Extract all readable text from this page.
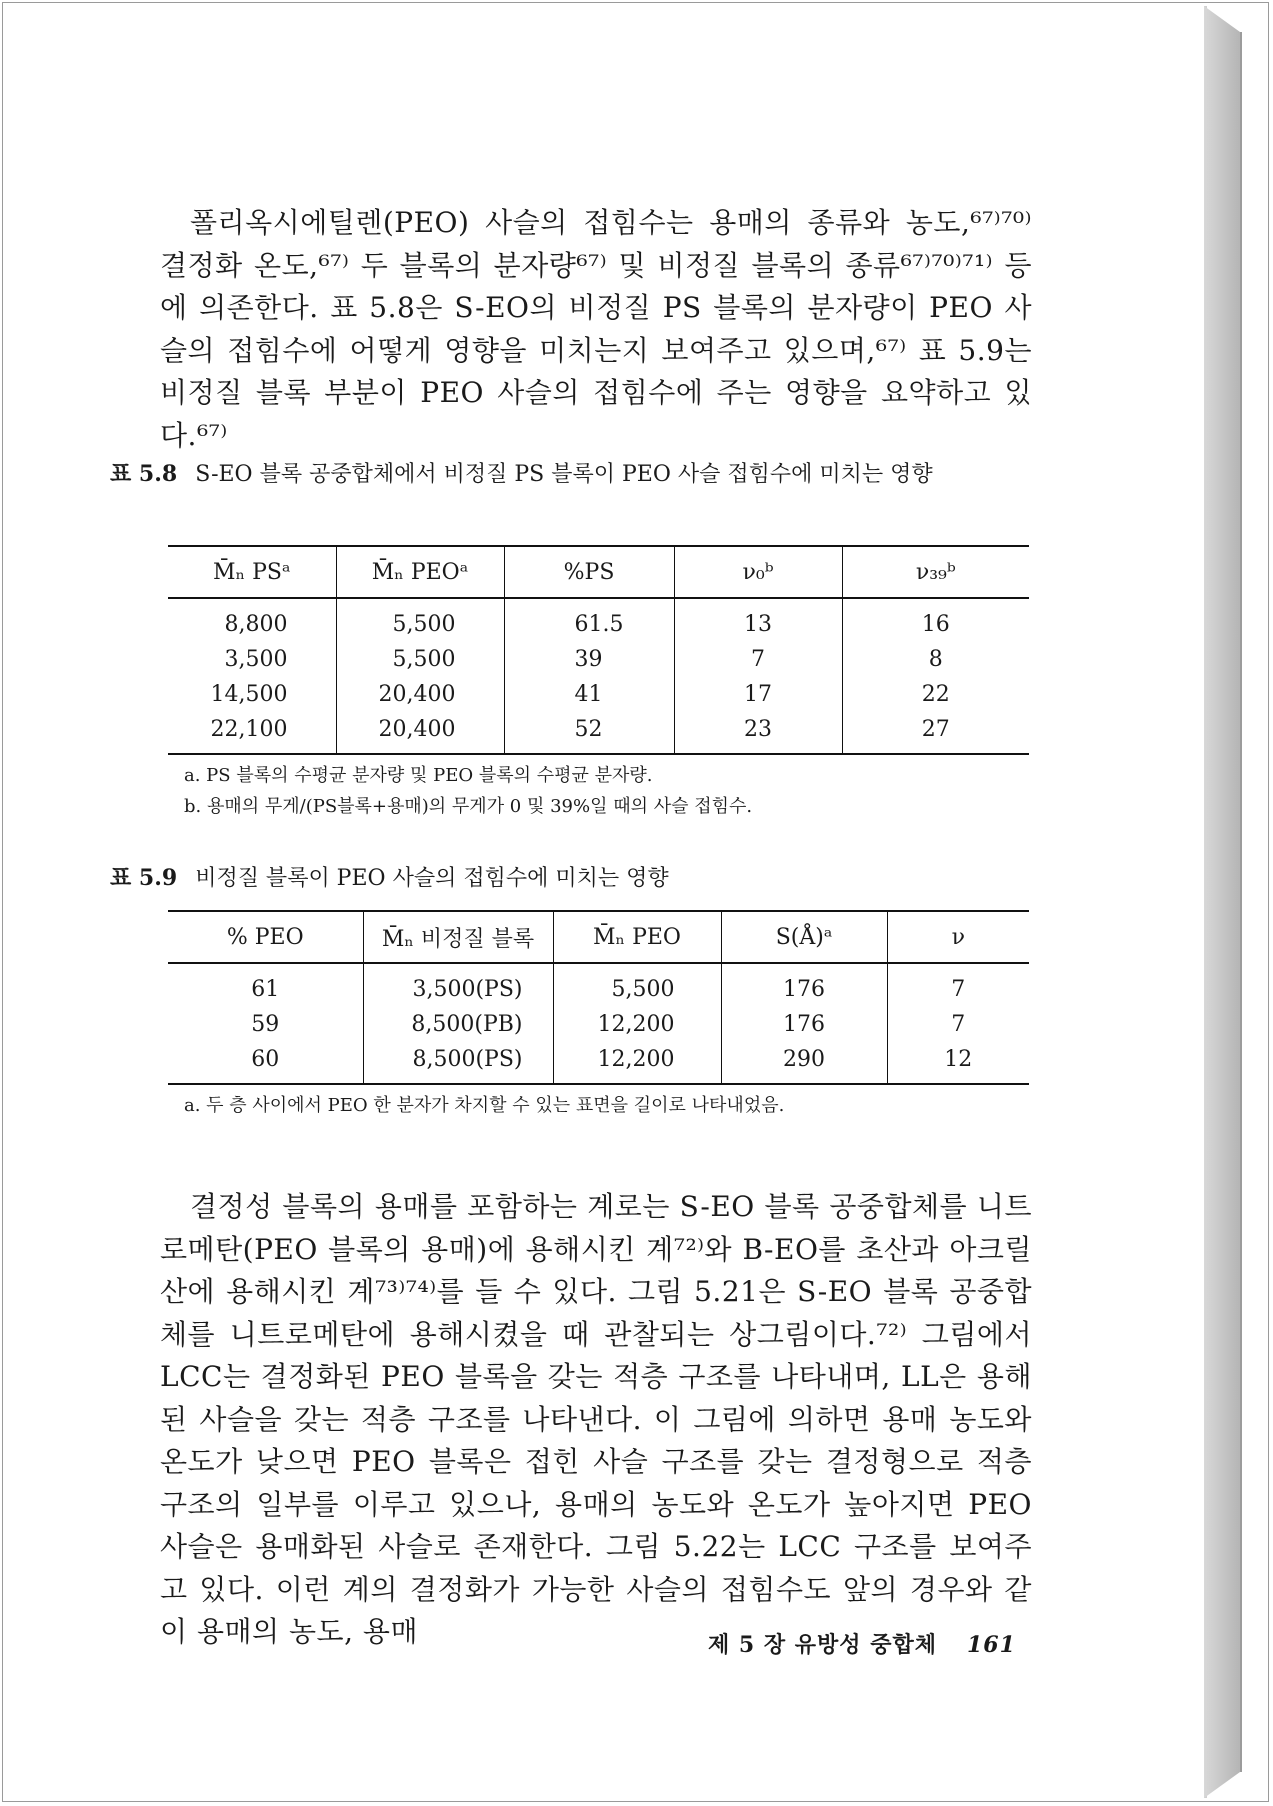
폴리옥시에틸렌(PEO) 사슬의 접힘수는 용매의 종류와 농도,⁶⁷⁾⁷⁰⁾ 결정화 온도,⁶⁷⁾ 두 블록의 분자량⁶⁷⁾ 및 비정질 블록의 종류⁶⁷⁾⁷⁰⁾⁷¹⁾ 등에 의존한다. 표 5.8은 S-EO의 비정질 PS 블록의 분자량이 PEO 사슬의 접힘수에 어떻게 영향을 미치는지 보여주고 있으며,⁶⁷⁾ 표 5.9는 비정질 블록 부분이 PEO 사슬의 접힘수에 주는 영향을 요약하고 있다.⁶⁷⁾

표 5.8 S-EO 블록 공중합체에서 비정질 PS 블록이 PEO 사슬 접힘수에 미치는 영향
M̄ₙ PSᵃ	M̄ₙ PEOᵃ	%PS	ν₀ᵇ	ν₃₉ᵇ
8,800	5,500	61.5	13	16
3,500	5,500	39	7	8
14,500	20,400	41	17	22
22,100	20,400	52	23	27
a. PS 블록의 수평균 분자량 및 PEO 블록의 수평균 분자량.
b. 용매의 무게/(PS블록+용매)의 무게가 0 및 39%일 때의 사슬 접힘수.
표 5.9 비정질 블록이 PEO 사슬의 접힘수에 미치는 영향
% PEO	M̄ₙ 비정질 블록	M̄ₙ PEO	S(Å)ᵃ	ν
61	3,500(PS)	5,500	176	7
59	8,500(PB)	12,200	176	7
60	8,500(PS)	12,200	290	12
a. 두 층 사이에서 PEO 한 분자가 차지할 수 있는 표면을 길이로 나타내었음.

결정성 블록의 용매를 포함하는 계로는 S-EO 블록 공중합체를 니트로메탄(PEO 블록의 용매)에 용해시킨 계⁷²⁾와 B-EO를 초산과 아크릴산에 용해시킨 계⁷³⁾⁷⁴⁾를 들 수 있다. 그림 5.21은 S-EO 블록 공중합체를 니트로메탄에 용해시켰을 때 관찰되는 상그림이다.⁷²⁾ 그림에서 LCC는 결정화된 PEO 블록을 갖는 적층 구조를 나타내며, LL은 용해된 사슬을 갖는 적층 구조를 나타낸다. 이 그림에 의하면 용매 농도와 온도가 낮으면 PEO 블록은 접힌 사슬 구조를 갖는 결정형으로 적층 구조의 일부를 이루고 있으나, 용매의 농도와 온도가 높아지면 PEO 사슬은 용매화된 사슬로 존재한다. 그림 5.22는 LCC 구조를 보여주고 있다. 이런 계의 결정화가 가능한 사슬의 접힘수도 앞의 경우와 같이 용매의 농도, 용매	제 5 장 유방성 중합체 161
